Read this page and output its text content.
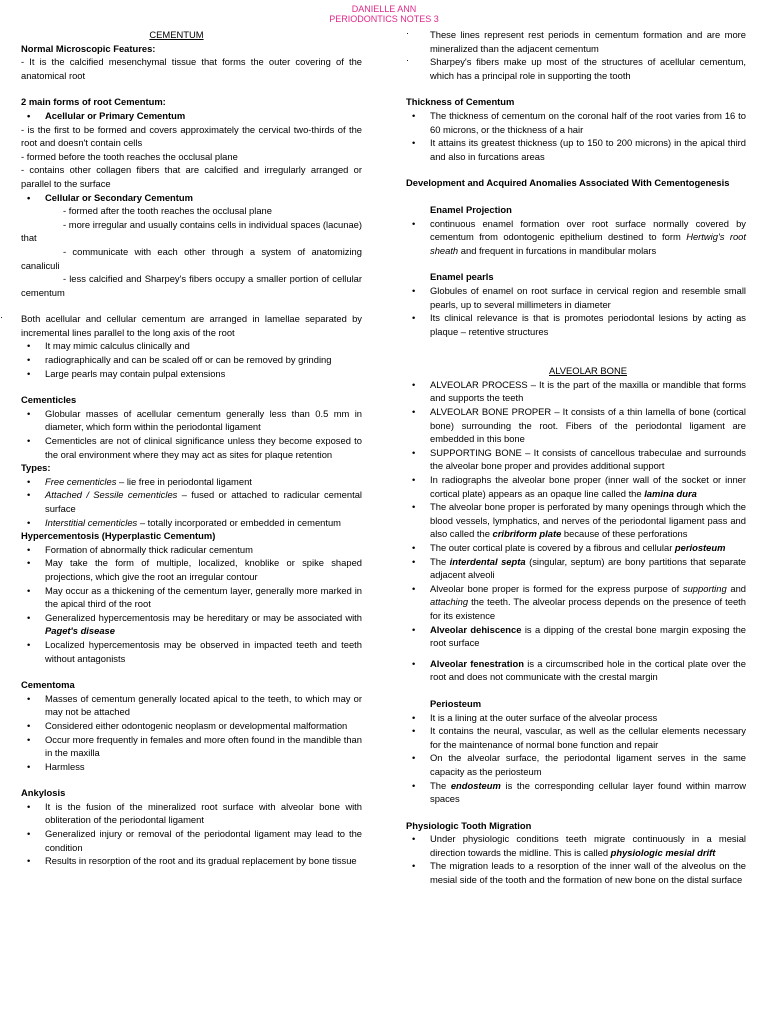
DANIELLE ANN
PERIODONTICS NOTES 3

CEMENTUM

Normal Microscopic Features:

- It is the calcified mesenchymal tissue that forms the outer covering of the anatomical root

2 main forms of root Cementum:

• Acellular or Primary Cementum

- is the first to be formed and covers approximately the cervical two-thirds of the root and doesn't contain cells

- formed before the tooth reaches the occlusal plane

- contains other collagen fibers that are calcified and irregularly arranged or parallel to the surface

• Cellular or Secondary Cementum

- formed after the tooth reaches the occlusal plane

- more irregular and usually contains cells in individual spaces (lacunae) that

- communicate with each other through a system of anatomizing canaliculi

- less calcified and Sharpey's fibers occupy a smaller portion of cellular cementum

· Both acellular and cellular cementum are arranged in lamellae separated by incremental lines parallel to the long axis of the root
• It may mimic calculus clinically and
• radiographically and can be scaled off or can be removed by grinding
• Large pearls may contain pulpal extensions

Cementicles

• Globular masses of acellular cementum generally less than 0.5 mm in diameter, which form within the periodontal ligament
• Cementicles are not of clinical significance unless they become exposed to the oral environment where they may act as sites for plaque retention

Types:

• Free cementicles – lie free in periodontal ligament
• Attached / Sessile cementicles – fused or attached to radicular cemental surface
• Interstitial cementicles – totally incorporated or embedded in cementum

Hypercementosis (Hyperplastic Cementum)

• Formation of abnormally thick radicular cementum
• May take the form of multiple, localized, knoblike or spike shaped projections, which give the root an irregular contour
• May occur as a thickening of the cementum layer, generally more marked in the apical third of the root
• Generalized hypercementosis may be hereditary or may be associated with Paget's disease
• Localized hypercementosis may be observed in impacted teeth and teeth without antagonists

Cementoma

• Masses of cementum generally located apical to the teeth, to which may or may not be attached
• Considered either odontogenic neoplasm or developmental malformation
• Occur more frequently in females and more often found in the mandible than in the maxilla
• Harmless

Ankylosis

• It is the fusion of the mineralized root surface with alveolar bone with obliteration of the periodontal ligament
• Generalized injury or removal of the periodontal ligament may lead to the condition
• Results in resorption of the root and its gradual replacement by bone tissue
· These lines represent rest periods in cementum formation and are more mineralized than the adjacent cementum
· Sharpey's fibers make up most of the structures of acellular cementum, which has a principal role in supporting the tooth

Thickness of Cementum

• The thickness of cementum on the coronal half of the root varies from 16 to 60 microns, or the thickness of a hair
• It attains its greatest thickness (up to 150 to 200 microns) in the apical third and also in furcations areas

Development and Acquired Anomalies Associated With Cementogenesis

Enamel Projection

• continuous enamel formation over root surface normally covered by cementum from odontogenic epithelium destined to form Hertwig's root sheath and frequent in furcations in mandibular molars

Enamel pearls

• Globules of enamel on root surface in cervical region and resemble small pearls, up to several millimeters in diameter
• Its clinical relevance is that is promotes periodontal lesions by acting as plaque – retentive structures

ALVEOLAR BONE

• ALVEOLAR PROCESS – It is the part of the maxilla or mandible that forms and supports the teeth
• ALVEOLAR BONE PROPER – It consists of a thin lamella of bone (cortical bone) surrounding the root. Fibers of the periodontal ligament are embedded in this bone
• SUPPORTING BONE – It consists of cancellous trabeculae and surrounds the alveolar bone proper and provides additional support
• In radiographs the alveolar bone proper (inner wall of the socket or inner cortical plate) appears as an opaque line called the lamina dura
• The alveolar bone proper is perforated by many openings through which the blood vessels, lymphatics, and nerves of the periodontal ligament pass and also called the cribriform plate because of these perforations
• The outer cortical plate is covered by a fibrous and cellular periosteum
• The interdental septa (singular, septum) are bony partitions that separate adjacent alveoli
• Alveolar bone proper is formed for the express purpose of supporting and attaching the teeth. The alveolar process depends on the presence of teeth for its existence
• Alveolar dehiscence is a dipping of the crestal bone margin exposing the root surface
• Alveolar fenestration is a circumscribed hole in the cortical plate over the root and does not communicate with the crestal margin

Periosteum

• It is a lining at the outer surface of the alveolar process
• It contains the neural, vascular, as well as the cellular elements necessary for the maintenance of normal bone function and repair
• On the alveolar surface, the periodontal ligament serves in the same capacity as the periosteum
• The endosteum is the corresponding cellular layer found within marrow spaces

Physiologic Tooth Migration

• Under physiologic conditions teeth migrate continuously in a mesial direction towards the midline. This is called physiologic mesial drift
• The migration leads to a resorption of the inner wall of the alveolus on the mesial side of the tooth and the formation of new bone on the distal surface
